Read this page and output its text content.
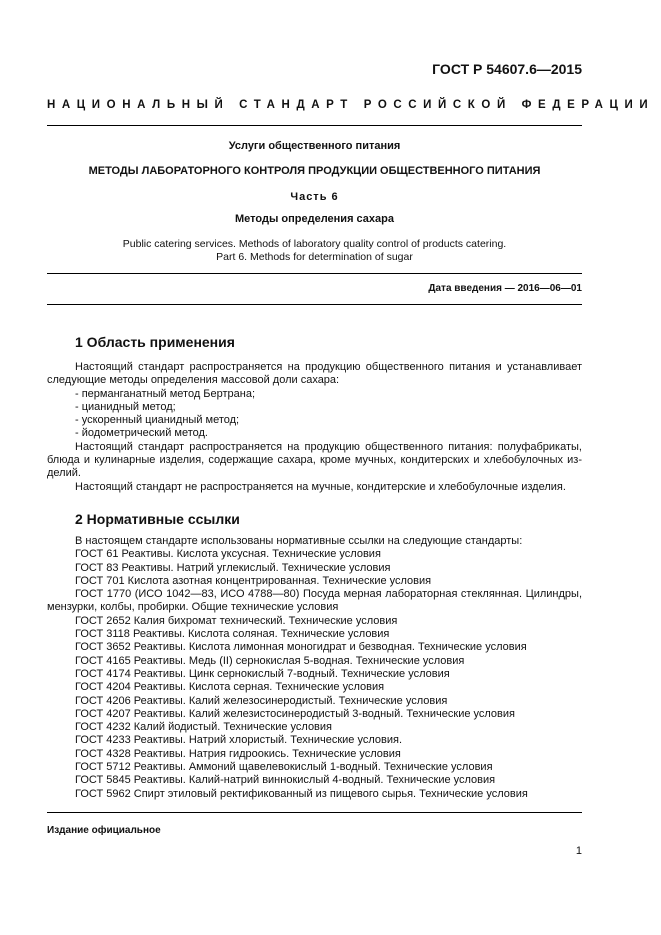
ГОСТ Р 54607.6—2015
НАЦИОНАЛЬНЫЙ СТАНДАРТ РОССИЙСКОЙ ФЕДЕРАЦИИ
Услуги общественного питания
МЕТОДЫ ЛАБОРАТОРНОГО КОНТРОЛЯ ПРОДУКЦИИ ОБЩЕСТВЕННОГО ПИТАНИЯ
Часть 6
Методы определения сахара
Public catering services. Methods of laboratory quality control of products catering.
Part 6. Methods for determination of sugar
Дата введения — 2016—06—01
1 Область применения

Настоящий стандарт распространяется на продукцию общественного питания и устанавливает

следующие методы определения массовой доли сахара:

- перманганатный метод Бертрана;

- цианидный метод;

- ускоренный цианидный метод;

- йодометрический метод.

Настоящий стандарт распространяется на продукцию общественного питания: полуфабрикаты,

блюда и кулинарные изделия, содержащие сахара, кроме мучных, кондитерских и хлебобулочных из-

делий.

Настоящий стандарт не распространяется на мучные, кондитерские и хлебобулочные изделия.

2 Нормативные ссылки

В настоящем стандарте использованы нормативные ссылки на следующие стандарты:

ГОСТ 61 Реактивы. Кислота уксусная. Технические условия

ГОСТ 83 Реактивы. Натрий углекислый. Технические условия

ГОСТ 701 Кислота азотная концентрированная. Технические условия

ГОСТ 1770 (ИСО 1042—83, ИСО 4788—80) Посуда мерная лабораторная стеклянная. Цилиндры,

мензурки, колбы, пробирки. Общие технические условия

ГОСТ 2652 Калия бихромат технический. Технические условия

ГОСТ 3118 Реактивы. Кислота соляная. Технические условия

ГОСТ 3652 Реактивы. Кислота лимонная моногидрат и безводная. Технические условия

ГОСТ 4165 Реактивы. Медь (II) сернокислая 5-водная. Технические условия

ГОСТ 4174 Реактивы. Цинк сернокислый 7-водный. Технические условия

ГОСТ 4204 Реактивы. Кислота серная. Технические условия

ГОСТ 4206 Реактивы. Калий железосинеродистый. Технические условия

ГОСТ 4207 Реактивы. Калий железистосинеродистый 3-водный. Технические условия

ГОСТ 4232 Калий йодистый. Технические условия

ГОСТ 4233 Реактивы. Натрий хлористый. Технические условия.

ГОСТ 4328 Реактивы. Натрия гидроокись. Технические условия

ГОСТ 5712 Реактивы. Аммоний щавелевокислый 1-водный. Технические условия

ГОСТ 5845 Реактивы. Калий-натрий виннокислый 4-водный. Технические условия

ГОСТ 5962 Спирт этиловый ректификованный из пищевого сырья. Технические условия

Издание официальное
1
